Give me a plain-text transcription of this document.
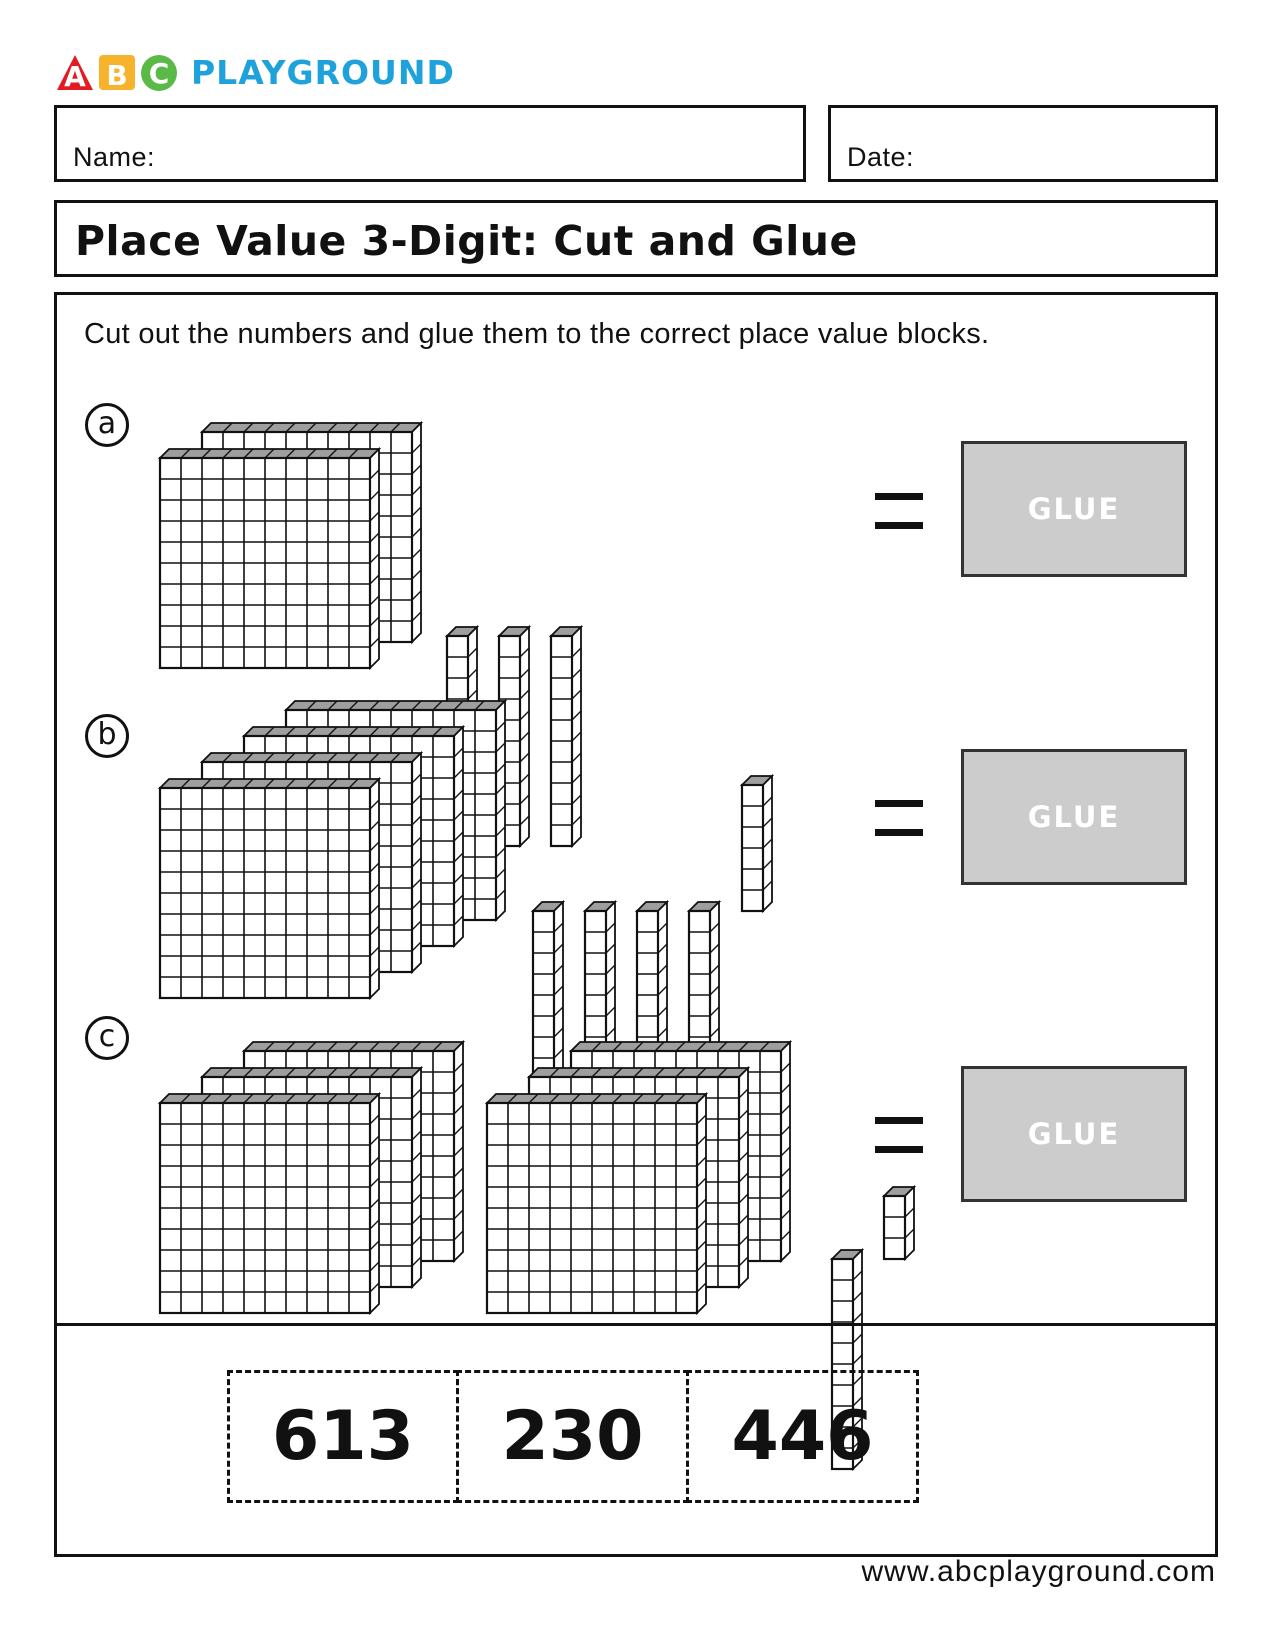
A B C PLAYGROUND
Name:	Date:
Place Value 3-Digit: Cut and Glue
Cut out the numbers and glue them to the correct place value blocks.
a
b
c
GLUE
GLUE
GLUE
613	230	446
www.abcplayground.com
